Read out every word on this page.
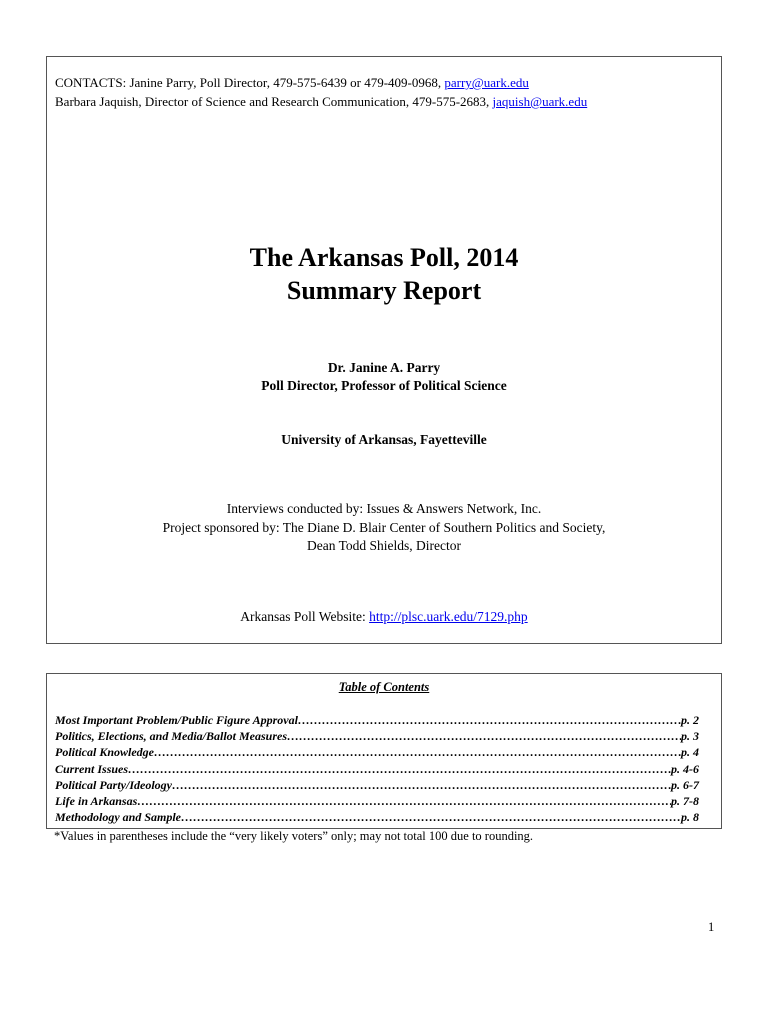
CONTACTS: Janine Parry, Poll Director, 479-575-6439 or 479-409-0968, parry@uark.edu
Barbara Jaquish, Director of Science and Research Communication, 479-575-2683, jaquish@uark.edu
The Arkansas Poll, 2014
Summary Report
Dr. Janine A. Parry
Poll Director, Professor of Political Science
University of Arkansas, Fayetteville
Interviews conducted by: Issues & Answers Network, Inc.
Project sponsored by: The Diane D. Blair Center of Southern Politics and Society,
Dean Todd Shields, Director
Arkansas Poll Website: http://plsc.uark.edu/7129.php
Table of Contents
Most Important Problem/Public Figure Approval ………………………………………………………………………………………………………………………………………………………………………	p. 2
Politics, Elections, and Media/Ballot Measures ………………………………………………………………………………………………………………………………………………………………………	p. 3
Political Knowledge ………………………………………………………………………………………………………………………………………………………………………	p. 4
Current Issues ………………………………………………………………………………………………………………………………………………………………………	p. 4-6
Political Party/Ideology ………………………………………………………………………………………………………………………………………………………………………	p. 6-7
Life in Arkansas ………………………………………………………………………………………………………………………………………………………………………	p. 7-8
Methodology and Sample ………………………………………………………………………………………………………………………………………………………………………	p. 8
*Values in parentheses include the “very likely voters” only; may not total 100 due to rounding.
1
